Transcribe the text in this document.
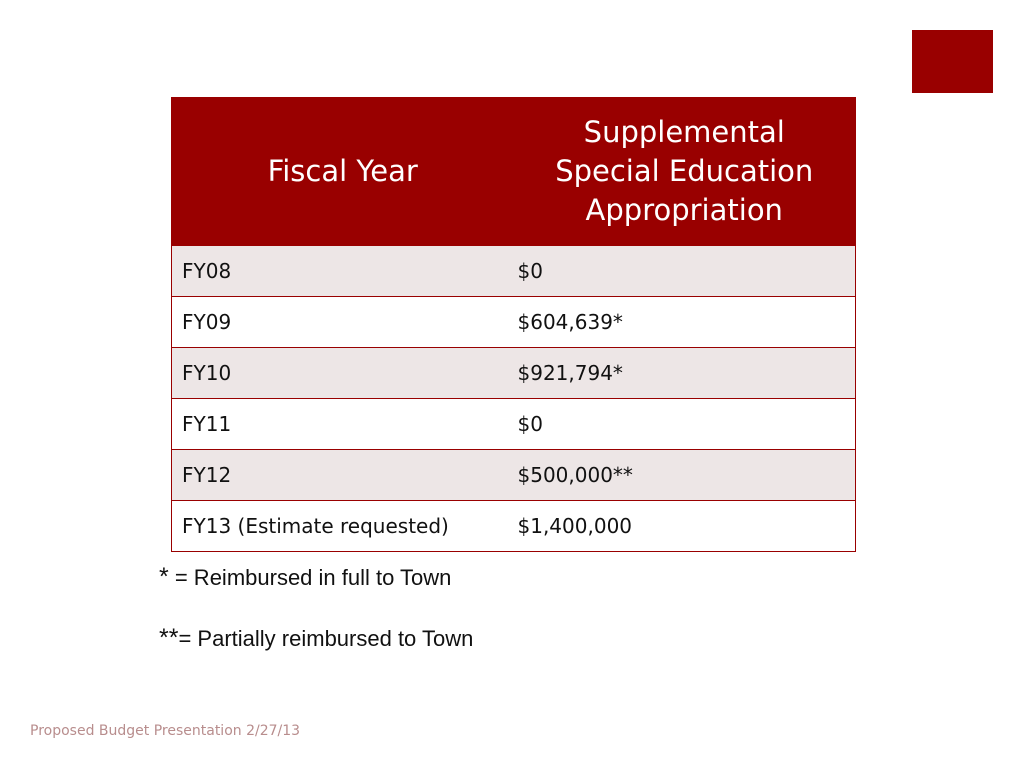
Fiscal Year	Supplemental
Special Education
Appropriation
FY08	$0
FY09	$604,639*
FY10	$921,794*
FY11	$0
FY12	$500,000**
FY13 (Estimate requested)	$1,400,000
* = Reimbursed in full to Town
**= Partially reimbursed to Town
Proposed Budget Presentation 2/27/13
